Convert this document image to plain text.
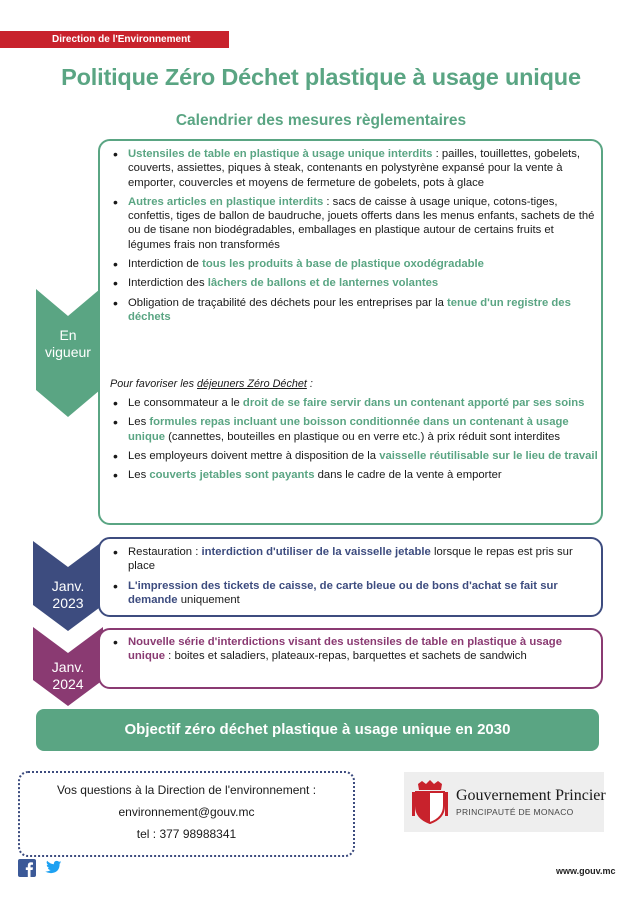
Direction de l'Environnement
Politique Zéro Déchet plastique à usage unique
Calendrier des mesures règlementaires
En
vigueur
Janv.
2023
Janv.
2024
• Ustensiles de table en plastique à usage unique interdits : pailles, touillettes, gobelets, couverts, assiettes, piques à steak, contenants en polystyrène expansé pour la vente à emporter, couvercles et moyens de fermeture de gobelets, pots à glace
• Autres articles en plastique interdits : sacs de caisse à usage unique, cotons-tiges, confettis, tiges de ballon de baudruche, jouets offerts dans les menus enfants, sachets de thé ou de tisane non biodégradables, emballages en plastique autour de certains fruits et légumes frais non transformés
• Interdiction de tous les produits à base de plastique oxodégradable
• Interdiction des lâchers de ballons et de lanternes volantes
• Obligation de traçabilité des déchets pour les entreprises par la tenue d'un registre des déchets
Pour favoriser les déjeuners Zéro Déchet :
• Le consommateur a le droit de se faire servir dans un contenant apporté par ses soins
• Les formules repas incluant une boisson conditionnée dans un contenant à usage unique (cannettes, bouteilles en plastique ou en verre etc.) à prix réduit sont interdites
• Les employeurs doivent mettre à disposition de la vaisselle réutilisable sur le lieu de travail
• Les couverts jetables sont payants dans le cadre de la vente à emporter
• Restauration : interdiction d'utiliser de la vaisselle jetable lorsque le repas est pris sur place
• L'impression des tickets de caisse, de carte bleue ou de bons d'achat se fait sur demande uniquement
• Nouvelle série d'interdictions visant des ustensiles de table en plastique à usage unique : boites et saladiers, plateaux-repas, barquettes et sachets de sandwich
Objectif zéro déchet plastique à usage unique en 2030
Vos questions à la Direction de l'environnement :
environnement@gouv.mc
tel : 377 98988341
Gouvernement Princier
PRINCIPAUTÉ DE MONACO
www.gouv.mc
